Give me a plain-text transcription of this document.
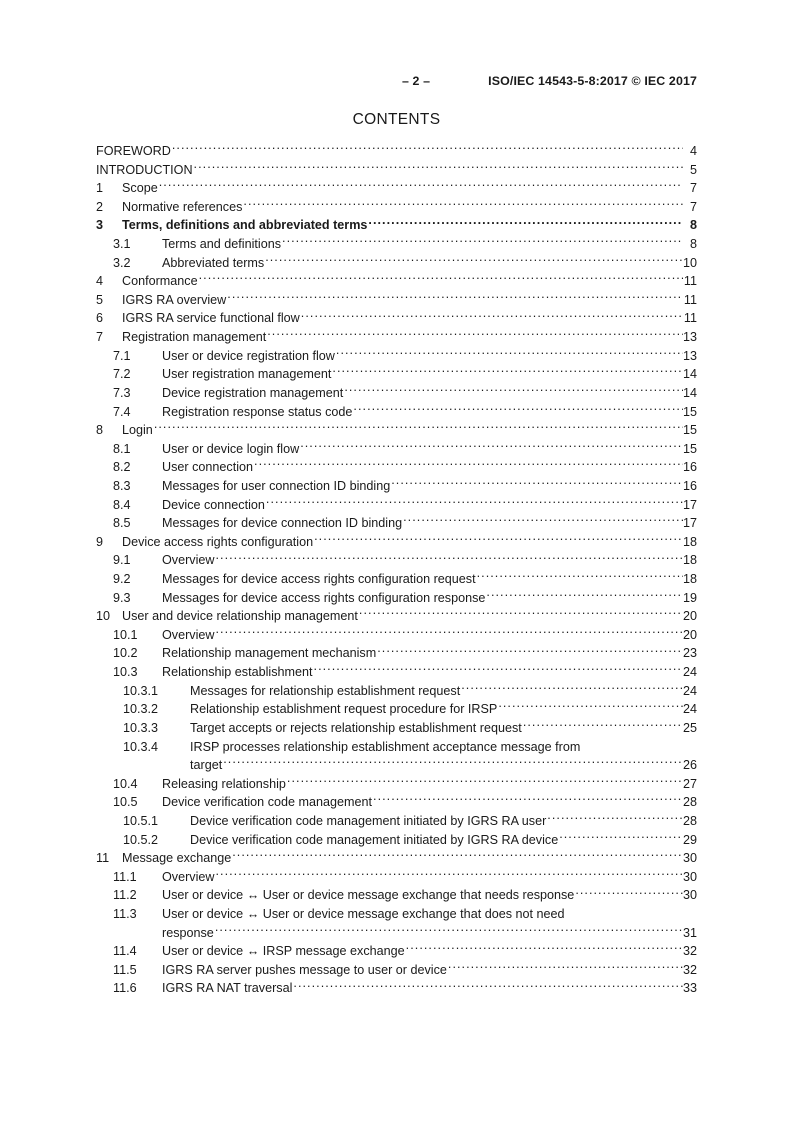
– 2 –	ISO/IEC 14543-5-8:2017 © IEC 2017
CONTENTS
FOREWORD .....	4
INTRODUCTION .....	5
1	Scope .....	7
2	Normative references .....	7
3	Terms, definitions and abbreviated terms .....	8
3.1	Terms and definitions .....	8
3.2	Abbreviated terms .....	10
4	Conformance .....	11
5	IGRS RA overview .....	11
6	IGRS RA service functional flow .....	11
7	Registration management .....	13
7.1	User or device registration flow .....	13
7.2	User registration management .....	14
7.3	Device registration management .....	14
7.4	Registration response status code .....	15
8	Login .....	15
8.1	User or device login flow .....	15
8.2	User connection .....	16
8.3	Messages for user connection ID binding .....	16
8.4	Device connection .....	17
8.5	Messages for device connection ID binding .....	17
9	Device access rights configuration .....	18
9.1	Overview .....	18
9.2	Messages for device access rights configuration request .....	18
9.3	Messages for device access rights configuration response .....	19
10 User and device relationship management .....	20
10.1	Overview .....	20
10.2	Relationship management mechanism .....	23
10.3	Relationship establishment .....	24
10.3.1	Messages for relationship establishment request .....	24
10.3.2	Relationship establishment request procedure for IRSP .....	24
10.3.3	Target accepts or rejects relationship establishment request .....	25
10.3.4	IRSP processes relationship establishment acceptance message from
target .....	26
10.4	Releasing relationship .....	27
10.5	Device verification code management .....	28
10.5.1	Device verification code management initiated by IGRS RA user .....	28
10.5.2	Device verification code management initiated by IGRS RA device .....	29
11	Message exchange .....	30
11.1	Overview .....	30
11.2	User or device ↔ User or device message exchange that needs response .....	30
11.3	User or device ↔ User or device message exchange that does not need
response .....	31
11.4	User or device ↔ IRSP message exchange .....	32
11.5	IGRS RA server pushes message to user or device .....	32
11.6	IGRS RA NAT traversal .....	33
